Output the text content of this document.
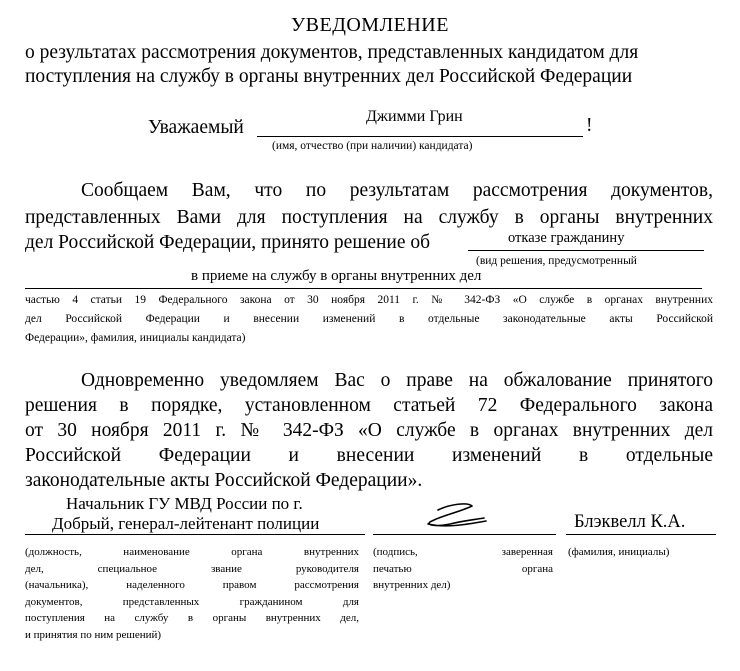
УВЕДОМЛЕНИЕ
о результатах рассмотрения документов, представленных кандидатом для
поступления на службу в органы внутренних дел Российской Федерации
Уважаемый
Джимми Грин	!
(имя, отчество (при наличии) кандидата)
Сообщаем Вам, что по результатам рассмотрения документов,
представленных Вами для поступления на службу в органы внутренних
дел Российской Федерации, принято решение об	отказе гражданину
(вид решения, предусмотренный
в приеме на службу в органы внутренних дел
частью 4 статьи 19 Федерального закона от 30 ноября 2011 г. № 342-ФЗ «О службе в органах внутренних
дел Российской Федерации и внесении изменений в отдельные законодательные акты Российской
Федерации», фамилия, инициалы кандидата)
Одновременно уведомляем Вас о праве на обжалование принятого
решения в порядке, установленном статьей 72 Федерального закона
от 30 ноября 2011 г. № 342-ФЗ «О службе в органах внутренних дел
Российской Федерации и внесении изменений в отдельные
законодательные акты Российской Федерации».
Начальник ГУ МВД России по г.
Добрый, генерал-лейтенант полиции	Блэквелл К.А.
(должность, наименование органа внутренних
дел, специальное звание руководителя
(начальника), наделенного правом рассмотрения
документов, представленных гражданином для
поступления на службу в органы внутренних дел,
и принятия по ним решений)
(подпись, заверенная
печатью органа
внутренних дел)
(фамилия, инициалы)
